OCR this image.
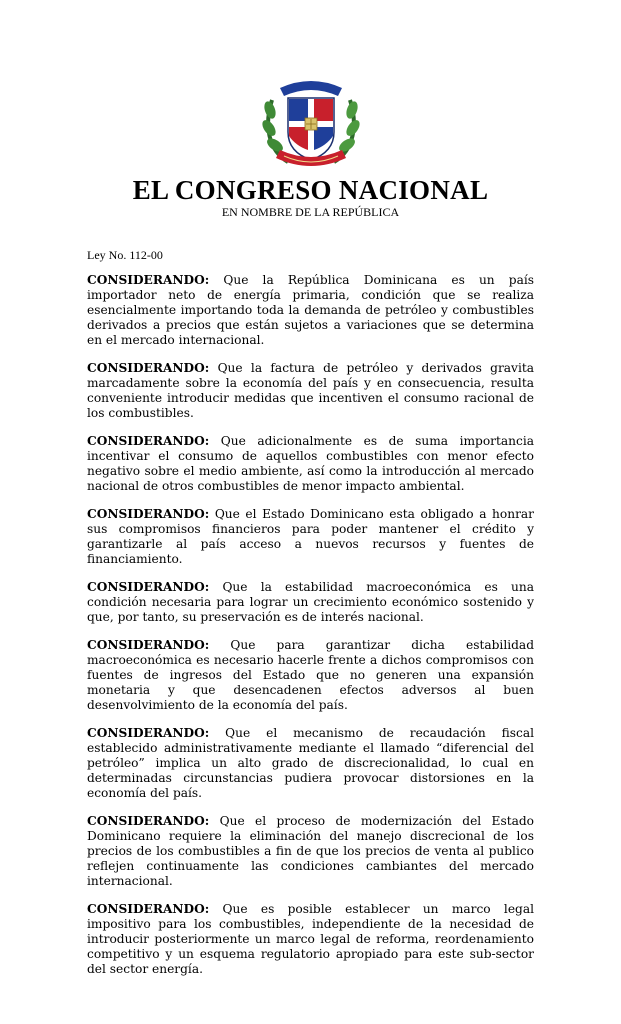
EL CONGRESO NACIONAL
EN NOMBRE DE LA REPÚBLICA
Ley No. 112-00

CONSIDERANDO: Que la República Dominicana es un país importador neto de energía primaria, condición que se realiza esencialmente importando toda la demanda de petróleo y combustibles derivados a precios que están sujetos a variaciones que se determina en el mercado internacional.

CONSIDERANDO: Que la factura de petróleo y derivados gravita marcadamente sobre la economía del país y en consecuencia, resulta conveniente introducir medidas que incentiven el consumo racional de los combustibles.

CONSIDERANDO: Que adicionalmente es de suma importancia incentivar el consumo de aquellos combustibles con menor efecto negativo sobre el medio ambiente, así como la introducción al mercado nacional de otros combustibles de menor impacto ambiental.

CONSIDERANDO: Que el Estado Dominicano esta obligado a honrar sus compromisos financieros para poder mantener el crédito y garantizarle al país acceso a nuevos recursos y fuentes de financiamiento.

CONSIDERANDO: Que la estabilidad macroeconómica es una condición necesaria para lograr un crecimiento económico sostenido y que, por tanto, su preservación es de interés nacional.

CONSIDERANDO: Que para garantizar dicha estabilidad macroeconómica es necesario hacerle frente a dichos compromisos con fuentes de ingresos del Estado que no generen una expansión monetaria y que desencadenen efectos adversos al buen desenvolvimiento de la economía del país.

CONSIDERANDO: Que el mecanismo de recaudación fiscal establecido administrativamente mediante el llamado “diferencial del petróleo” implica un alto grado de discrecionalidad, lo cual en determinadas circunstancias pudiera provocar distorsiones en la economía del país.

CONSIDERANDO: Que el proceso de modernización del Estado Dominicano requiere la eliminación del manejo discrecional de los precios de los combustibles a fin de que los precios de venta al publico reflejen continuamente las condiciones cambiantes del mercado internacional.

CONSIDERANDO: Que es posible establecer un marco legal impositivo para los combustibles, independiente de la necesidad de introducir posteriormente un marco legal de reforma, reordenamiento competitivo y un esquema regulatorio apropiado para este sub-sector del sector energía.
